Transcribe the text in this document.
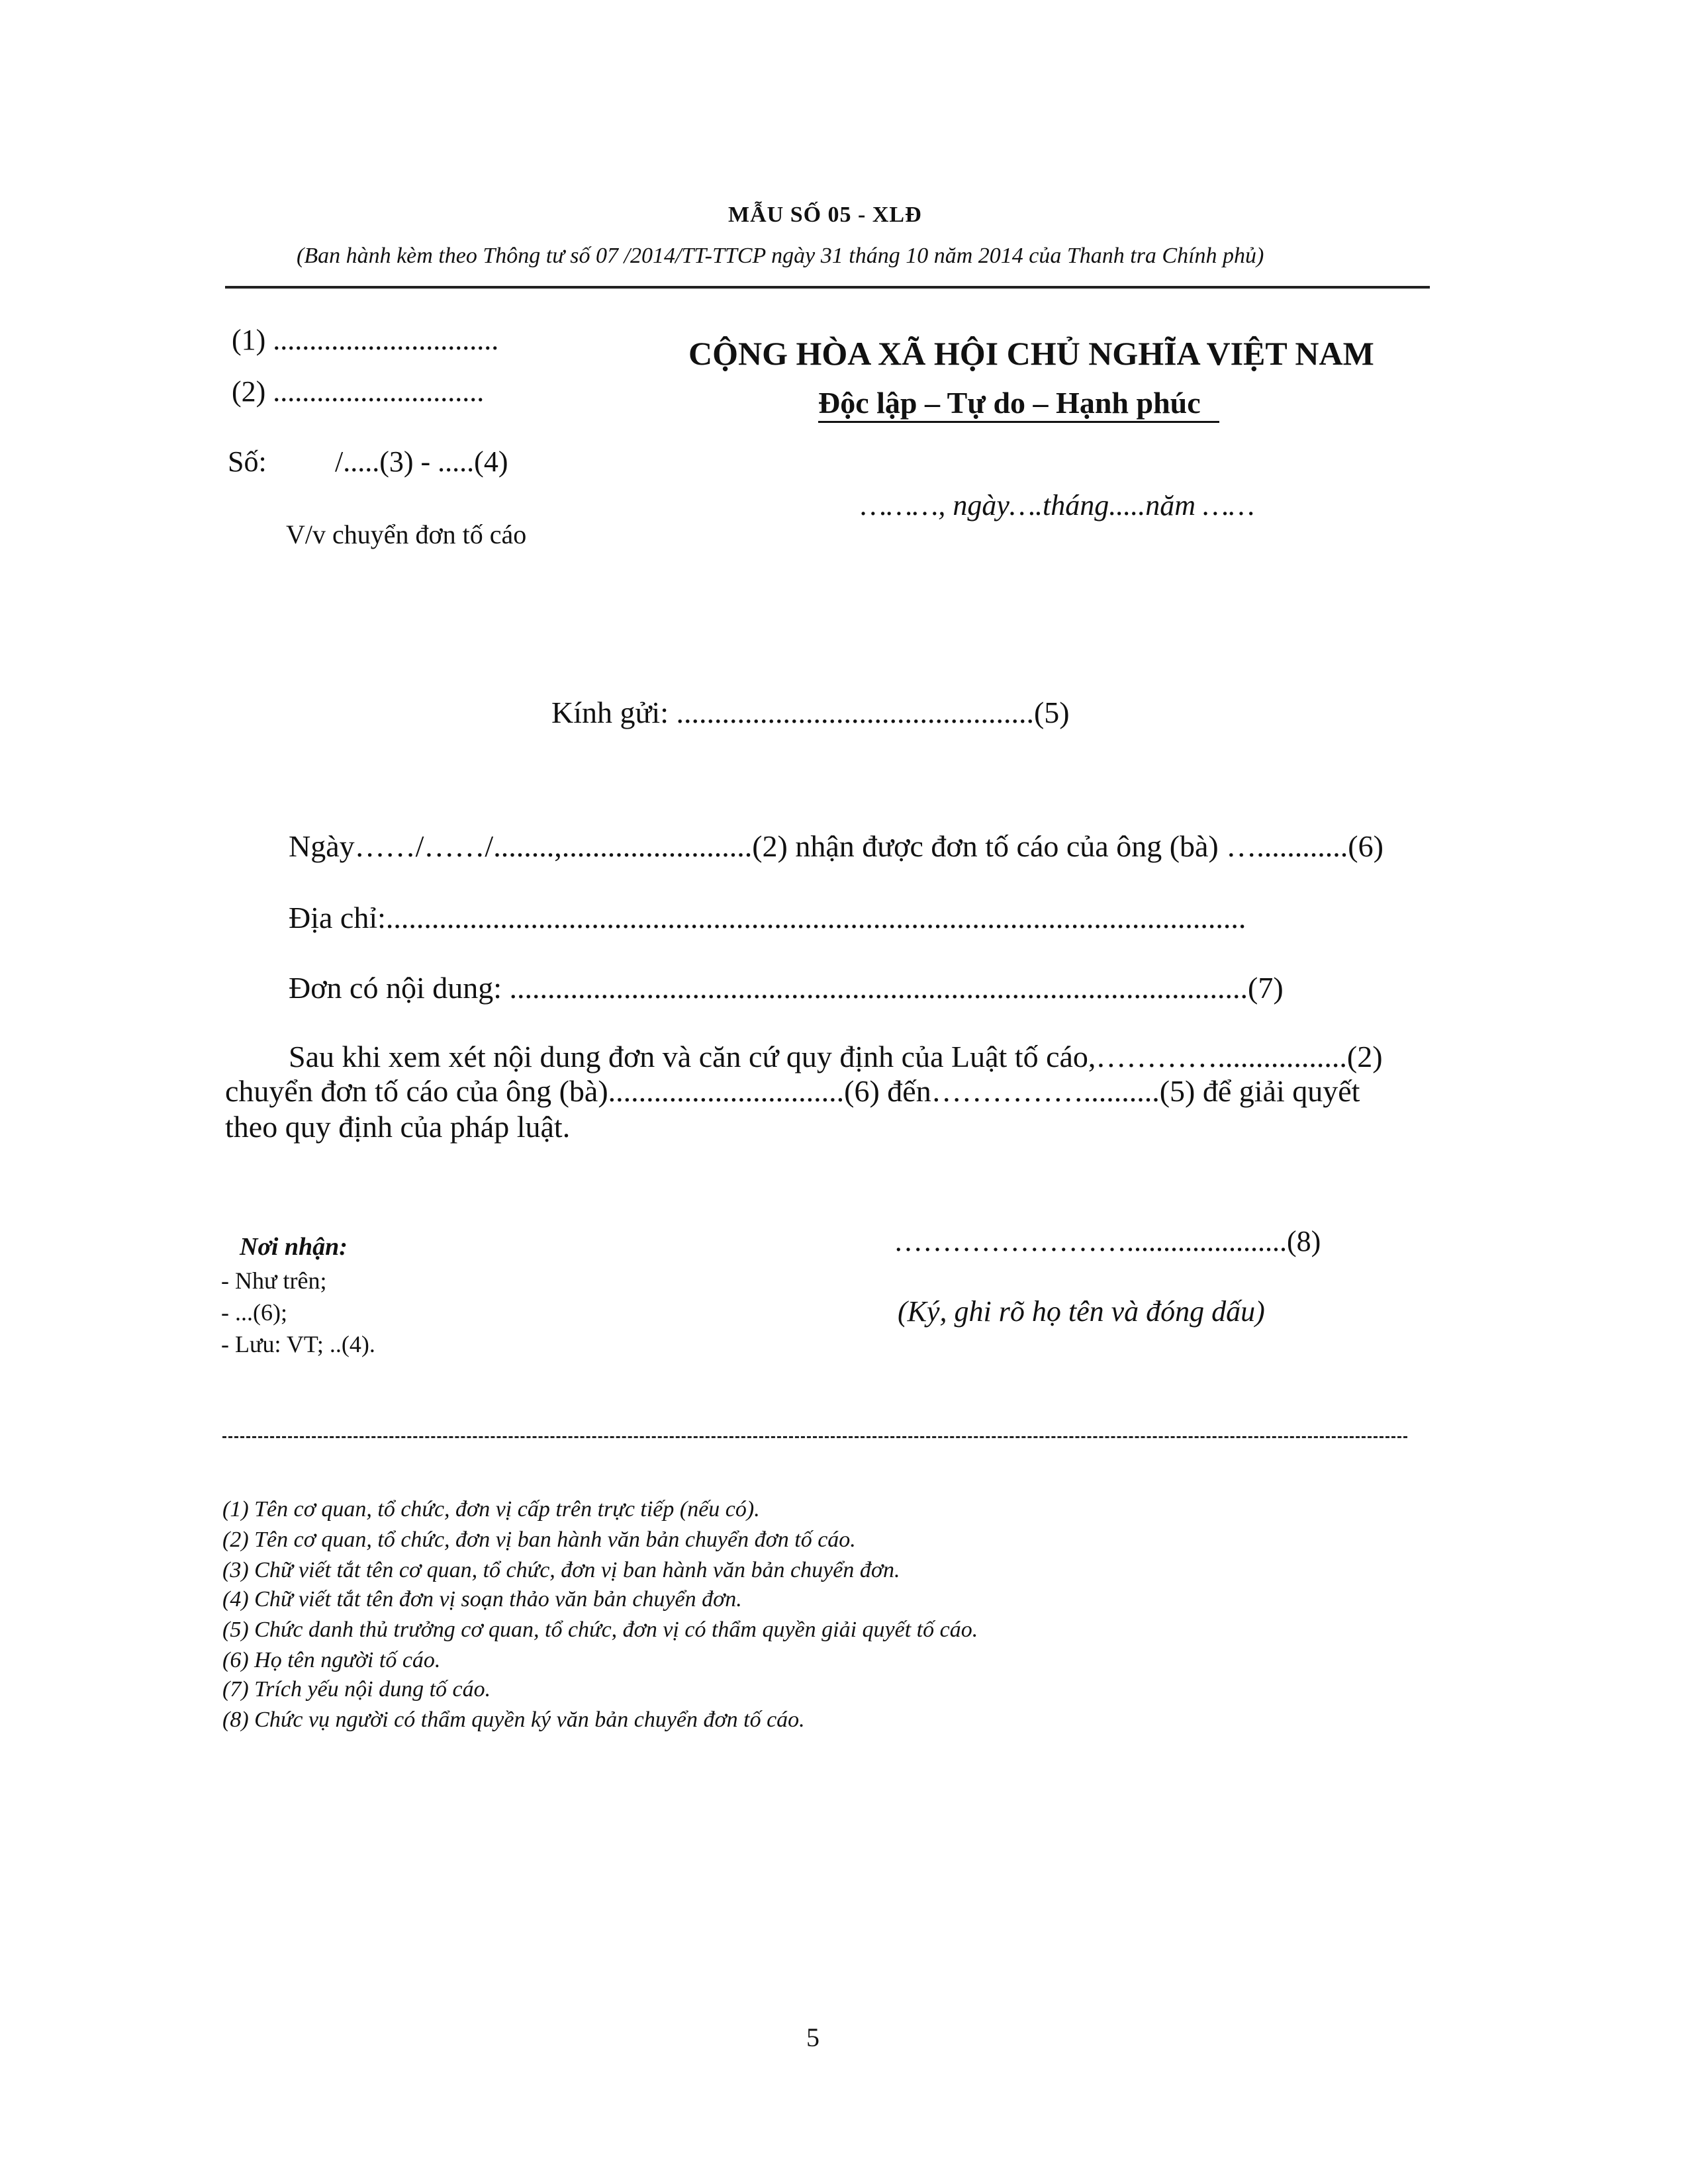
MẪU SỐ 05 - XLĐ
(Ban hành kèm theo Thông tư số 07 /2014/TT-TTCP ngày 31 tháng 10 năm 2014 của Thanh tra Chính phủ)
(1) ...............................
(2) .............................
Số: /.....(3) - .....(4)
V/v chuyển đơn tố cáo
CỘNG HÒA XÃ HỘI CHỦ NGHĨA VIỆT NAM
Độc lập – Tự do – Hạnh phúc
………, ngày….tháng.....năm ……
Kính gửi: ...............................................(5)
Ngày……/……/........,.........................(2) nhận được đơn tố cáo của ông (bà) …............(6)
Địa chỉ:.................................................................................................................
Đơn có nội dung: .................................................................................................(7)
Sau khi xem xét nội dung đơn và căn cứ quy định của Luật tố cáo,………….................(2)
chuyển đơn tố cáo của ông (bà)...............................(6) đến……………..........(5) để giải quyết
theo quy định của pháp luật.
Nơi nhận:
- Như trên;
- ...(6);
- Lưu: VT; ..(4).
……………………......................(8)
(Ký, ghi rõ họ tên và đóng dấu)
(1) Tên cơ quan, tổ chức, đơn vị cấp trên trực tiếp (nếu có).
(2) Tên cơ quan, tổ chức, đơn vị ban hành văn bản chuyển đơn tố cáo.
(3) Chữ viết tắt tên cơ quan, tổ chức, đơn vị ban hành văn bản chuyển đơn.
(4) Chữ viết tắt tên đơn vị soạn thảo văn bản chuyển đơn.
(5) Chức danh thủ trưởng cơ quan, tổ chức, đơn vị có thẩm quyền giải quyết tố cáo.
(6) Họ tên người tố cáo.
(7) Trích yếu nội dung tố cáo.
(8) Chức vụ người có thẩm quyền ký văn bản chuyển đơn tố cáo.
5
